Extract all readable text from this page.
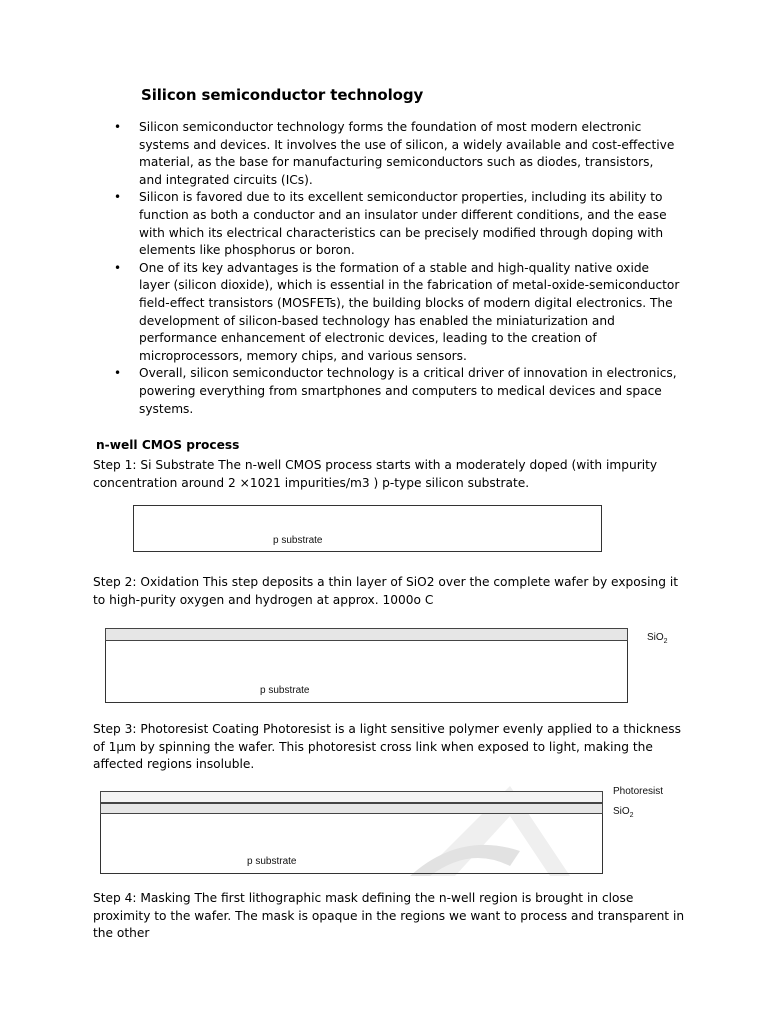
Silicon semiconductor technology
• Silicon semiconductor technology forms the foundation of most modern electronic systems and devices. It involves the use of silicon, a widely available and cost-effective material, as the base for manufacturing semiconductors such as diodes, transistors, and integrated circuits (ICs).
• Silicon is favored due to its excellent semiconductor properties, including its ability to function as both a conductor and an insulator under different conditions, and the ease with which its electrical characteristics can be precisely modified through doping with elements like phosphorus or boron.
• One of its key advantages is the formation of a stable and high-quality native oxide layer (silicon dioxide), which is essential in the fabrication of metal-oxide-semiconductor field-effect transistors (MOSFETs), the building blocks of modern digital electronics. The development of silicon-based technology has enabled the miniaturization and performance enhancement of electronic devices, leading to the creation of microprocessors, memory chips, and various sensors.
• Overall, silicon semiconductor technology is a critical driver of innovation in electronics, powering everything from smartphones and computers to medical devices and space systems.
n-well CMOS process
Step 1: Si Substrate The n-well CMOS process starts with a moderately doped (with impurity concentration around 2 ×1021 impurities/m3 ) p-type silicon substrate.
p substrate
Step 2: Oxidation This step deposits a thin layer of SiO2 over the complete wafer by exposing it to high-purity oxygen and hydrogen at approx. 1000o C
p substrate
SiO$_2$
Step 3: Photoresist Coating Photoresist is a light sensitive polymer evenly applied to a thickness of 1μm by spinning the wafer. This photoresist cross link when exposed to light, making the affected regions insoluble.
p substrate
Photoresist
SiO$_2$
Step 4: Masking The first lithographic mask defining the n-well region is brought in close proximity to the wafer. The mask is opaque in the regions we want to process and transparent in the other
